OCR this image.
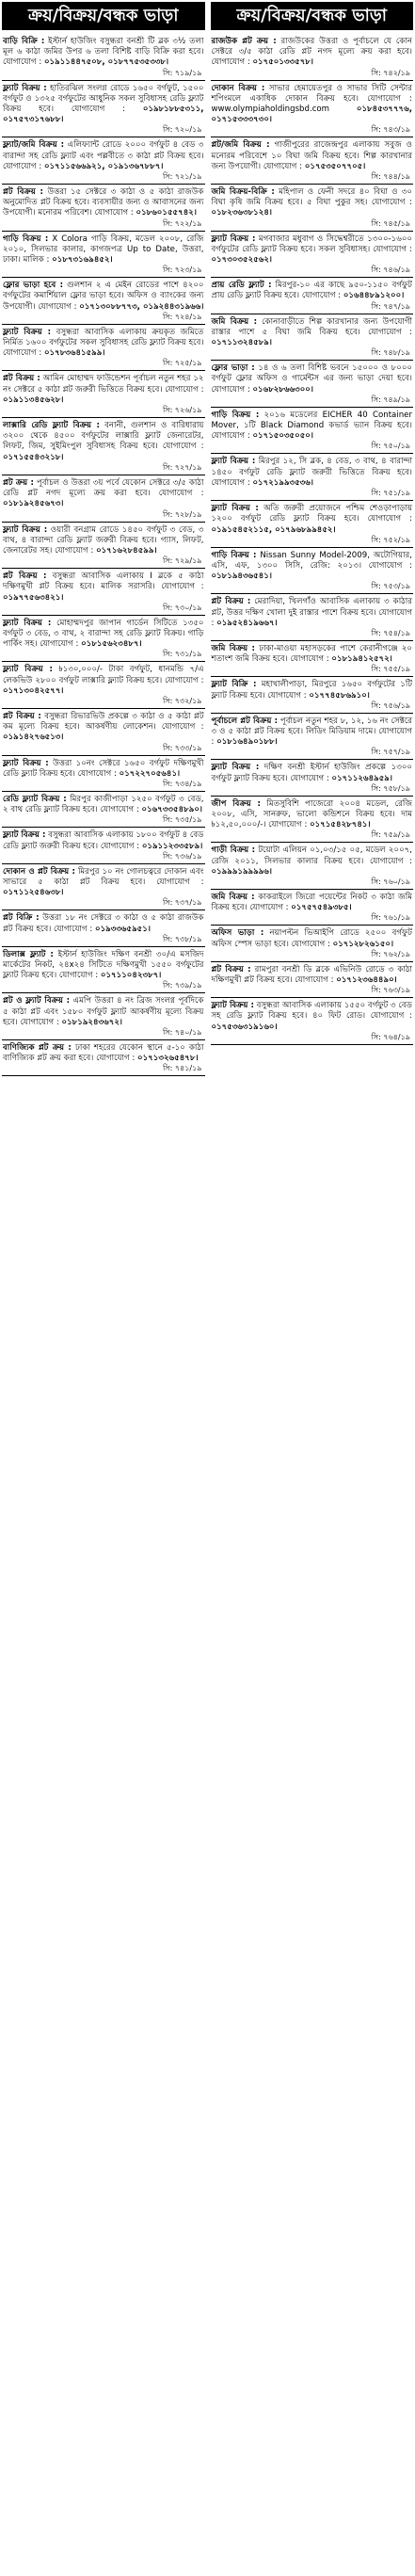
ক্রয়/বিক্রয়/বন্ধক ভাড়া
বাড়ি বিক্রি : ইস্টার্ন হাউজিং বসুন্ধরা বনশ্রী টি ব্লক ৩½ তলা মূল ৬ কাঠা জমির উপর ৬ তলা বিশিষ্ট বাড়ি বিক্রি করা হবে। যোগাযোগ : ০১৯১১৪৪৭৫০৮, ০১৮৭৭৫৩৫৩৩৮।
সি: ৭১৯/১৯
ফ্ল্যাট বিক্রয় : হাতিরঝিল সংলগ্ন রোডে ১৬৫০ বর্গফুট, ১৫০০ বর্গফুট ও ১৩২৫ বর্গফুটের আধুনিক সকল সুবিধাসহ রেডি ফ্ল্যাট বিক্রয় হবে। যোগাযোগ : ০১৯৮১৮৮৫৩১১, ০১৭৫৭৩১৭৬৮৮।
সি: ৭২০/১৯
ফ্ল্যাট/জমি বিক্রয় : এলিফ্যান্ট রোডে ২০০০ বর্গফুট ৪ বেড ৩ বারান্দা সহ রেডি ফ্ল্যাট এবং পল্লবীতে ৩ কাঠা প্লট বিক্রয় হবে। যোগাযোগ : ০১৭১১৫৬৬৯২১, ০১৯১৩৬৭৮৮৭।
সি: ৭২১/১৯
প্লট বিক্রয় : উত্তরা ১৫ সেক্টরে ৩ কাঠা ও ৫ কাঠা রাজউক অনুমোদিত প্লট বিক্রয় হবে। ব্যবসায়ীর জন্য ও আবাসনের জন্য উপযোগী। মনোরম পরিবেশ। যোগাযোগ : ০১৮৬০১৫৫৭৪২।
সি: ৭২২/১৯
গাড়ি বিক্রয় : X Colora গাড়ি বিক্রয়, মডেল ২০০৮, রেজি ২০১০, সিলভার কালার, কাগজপত্র Up to Date, উত্তরা, ঢাকা। মালিক : ০১৮৭৩১৬৯৪৫২।
সি: ৭২৩/১৯
ফ্লোর ভাড়া হবে : গুলশান ২ এ মেইন রোডের পাশে ৪২০০ বর্গফুটের কমার্শিয়াল ফ্লোর ভাড়া হবে। অফিস ও ব্যাংকের জন্য উপযোগী। যোগাযোগ : ০১৭১৩০৮৮৭৭৩, ০১৯২৪৪৩১৯৬৬।
সি: ৭২৪/১৯
ফ্ল্যাট বিক্রয় : বসুন্ধরা আবাসিক এলাকায় ক্রয়কৃত জমিতে নির্মিত ১৬০০ বর্গফুটের সকল সুবিধাসহ রেডি ফ্ল্যাট বিক্রয় হবে। যোগাযোগ : ০১৭৮৩৬৪১৫৯৯।
সি: ৭২৫/১৯
প্লট বিক্রয় : আমিন মোহাম্মদ ফাউন্ডেশন পূর্বাচল নতুন শহর ১২ নং সেক্টরে ৫ কাঠা প্লট জরুরী ভিত্তিতে বিক্রয় হবে। যোগাযোগ : ০১৯১১৩৪৫৬২৮।
সি: ৭২৬/১৯
লাক্সারি রেডি ফ্ল্যাট বিক্রয় : বনানী, গুলশান ও বারিধারায় ৩২০০ থেকে ৪৫০০ বর্গফুটের লাক্সারি ফ্ল্যাট জেনারেটর, লিফট, জিম, সুইমিংপুল সুবিধাসহ বিক্রয় হবে। যোগাযোগ : ০১৭১৫৫৪৩২১৮।
সি: ৭২৭/১৯
প্লট ক্রয় : পূর্বাচল ও উত্তরা ৩য় পর্বে যেকোন সেক্টরে ৩/৫ কাঠা রেডি প্লট নগদ মূল্যে ক্রয় করা হবে। যোগাযোগ : ০১৮১৯২৪৫৬৭৩।
সি: ৭২৮/১৯
ফ্ল্যাট বিক্রয় : ওয়ারী বনগ্রাম রোডে ১৪৫০ বর্গফুট ৩ বেড, ৩ বাথ, ৪ বারান্দা রেডি ফ্ল্যাট জরুরী বিক্রয় হবে। গ্যাস, লিফট, জেনারেটর সহ। যোগাযোগ : ০১৭১৬২৮৪৫৯৯।
সি: ৭২৯/১৯
প্লট বিক্রয় : বসুন্ধরা আবাসিক এলাকায় I ব্লকে ৫ কাঠা দক্ষিণমুখী প্লট বিক্রয় হবে। মালিক সরাসরি। যোগাযোগ : ০১৯৭৭৫৬৩৪২১।
সি: ৭৩০/১৯
ফ্ল্যাট বিক্রয় : মোহাম্মদপুর জাপান গার্ডেন সিটিতে ১৩৫০ বর্গফুট ৩ বেড, ৩ বাথ, ২ বারান্দা সহ রেডি ফ্ল্যাট বিক্রয়। গাড়ি পার্কিং সহ। যোগাযোগ : ০১৮১৫৬২৩৪৮৭।
সি: ৭৩১/১৯
ফ্ল্যাট বিক্রয় : ৳১৩০,০০০/- টাকা বর্গফুট, ধানমন্ডি ৭/এ লেকভিউ ২৮০০ বর্গফুট লাক্সারি ফ্ল্যাট বিক্রয় হবে। যোগাযোগ : ০১৭১৩০৪২৫৭৭।
সি: ৭৩২/১৯
প্লট বিক্রয় : বসুন্ধরা রিভারভিউ প্রকল্পে ৩ কাঠা ও ৫ কাঠা প্লট কম মূল্যে বিক্রয় হবে। আকর্ষণীয় লোকেশন। যোগাযোগ : ০১৯১৪২৭৬৫১৩।
সি: ৭৩৩/১৯
ফ্ল্যাট বিক্রয় : উত্তরা ১০নং সেক্টরে ১৬৫০ বর্গফুট দক্ষিণমুখী রেডি ফ্ল্যাট বিক্রয় হবে। যোগাযোগ : ০১৭২২৭০৫৬৪১।
সি: ৭৩৪/১৯
রেডি ফ্ল্যাট বিক্রয় : মিরপুর কাজীপাড়া ১২৫০ বর্গফুট ৩ বেড, ২ বাথ রেডি ফ্ল্যাট বিক্রয় হবে। যোগাযোগ : ০১৬৭৩৩৫৪৮৯০।
সি: ৭৩৫/১৯
ফ্ল্যাট বিক্রয় : বসুন্ধরা আবাসিক এলাকায় ১৮০০ বর্গফুট ৪ বেড রেডি ফ্ল্যাট জরুরী বিক্রয় হবে। যোগাযোগ : ০১৯১১২৩৩৫৮৯।
সি: ৭৩৬/১৯
দোকান ও প্লট বিক্রয় : মিরপুর ১০ নং গোলচত্বরে দোকান এবং সাভারে ৫ কাঠা প্লট বিক্রয় হবে। যোগাযোগ : ০১৭১১২৫৪৬৩৮।
সি: ৭৩৭/১৯
প্লট বিক্রি : উত্তরা ১৮ নং সেক্টরে ৩ কাঠা ও ৫ কাঠা রাজউক প্লট বিক্রয় হবে। যোগাযোগ : ০১৯৩৩৬৫৯৫১।
সি: ৭৩৮/১৯
ডিলাক্স ফ্ল্যাট : ইস্টার্ন হাউজিং দক্ষিণ বনশ্রী ৩০/এ মসজিদ মার্কেটের নিকট, ২৪x২৪ সিটিতে দক্ষিণমুখী ১৫৫০ বর্গফুটের ফ্ল্যাট বিক্রয় হবে। যোগাযোগ : ০১৭১১০৪২৩৮৭।
সি: ৭৩৯/১৯
প্লট ও ফ্ল্যাট বিক্রয় : এমপি উত্তরা ৪ নং ব্রিজ সংলগ্ন পূর্বদিকে ৫ কাঠা প্লট এবং ১৫৮০ বর্গফুট ফ্ল্যাট আকর্ষণীয় মূল্যে বিক্রয় হবে। যোগাযোগ : ০১৮১৯২৪৩৬৭২।
সি: ৭৪০/১৯
বাণিজ্যিক প্লট ক্রয় : ঢাকা শহরের যেকোন স্থানে ৫-১০ কাঠা বাণিজ্যিক প্লট ক্রয় করা হবে। যোগাযোগ : ০১৭১৩২৬৫৪৭৮।
সি: ৭৪১/১৯
ক্রয়/বিক্রয়/বন্ধক ভাড়া
রাজউক প্লট ক্রয় : রাজউকের উত্তরা ও পূর্বাচলে যে কোন সেক্টরে ৩/৫ কাঠা রেডি প্লট নগদ মূল্যে ক্রয় করা হবে। যোগাযোগ : ০১৭৫০১৩৩৫৭৮।
সি: ৭৪২/১৯
দোকান বিক্রয় : সাভার হেমায়েতপুর ও সাভার সিটি সেন্টার শপিংমলে একাধিক দোকান বিক্রয় হবে। যোগাযোগ : www.olympiaholdingsbd.com	০১৮৪৫৩৭৭৭৬, ০১৭১৫৩৩৩৭৩০।
সি: ৭৪৩/১৯
প্লট/জমি বিক্রয় : গাজীপুরের রাজেন্দ্রপুর এলাকায় সবুজ ও মনোরম পরিবেশে ১০ বিঘা জমি বিক্রয় হবে। শিল্প কারখানার জন্য উপযোগী। যোগাযোগ : ০১৭৫৩৫০৭৭০৫।
সি: ৭৪৪/১৯
জমি বিক্রয়-বিক্রি : মহিপাল ও ফেনী সদরে ৪০ বিঘা ও ৩০ বিঘা কৃষি জমি বিক্রয় হবে। ৫ বিঘা পুকুর সহ। যোগাযোগ : ০১৮২৩৬৩৮১২৪।
সি: ৭৪৫/১৯
ফ্ল্যাট বিক্রয় : মগবাজার মধুবাগ ও সিদ্ধেশ্বরীতে ১৩০০-১৬০০ বর্গফুটের রেডি ফ্ল্যাট বিক্রয় হবে। সকল সুবিধাসহ। যোগাযোগ : ০১৭৩০৩৫২৫৬২।
সি: ৭৪৬/১৯
প্রায় রেডি ফ্ল্যাট : মিরপুর-১০ এর কাছে ৯৫০-১১৫০ বর্গফুট প্রায় রেডি ফ্ল্যাট বিক্রয় হবে। যোগাযোগ : ০১৬৪৪৮৯১২০০।
সি: ৭৪৭/১৯
জমি বিক্রয় : কোনাবাড়ীতে শিল্প কারখানার জন্য উপযোগী রাস্তার পাশে ৫ বিঘা জমি বিক্রয় হবে। যোগাযোগ : ০১৭১১৩২৪৫৮৯।
সি: ৭৪৮/১৯
ফ্লোর ভাড়া : ১৪ ও ৬ তলা বিশিষ্ট ভবনে ১৫০০০ ও ৮০০০ বর্গফুট ফ্লোর অফিস ও গার্মেন্টস এর জন্য ভাড়া দেয়া হবে। যোগাযোগ : ০১৬৮২৮৬৬৩০০।
সি: ৭৪৯/১৯
গাড়ি বিক্রয় : ২০১৬ মডেলের EICHER 40 Container Mover, ১টি Black Diamond কভার্ড ভ্যান বিক্রয় হবে। যোগাযোগ : ০১৭১৫০৩৫০৫০।
সি: ৭৫০/১৯
ফ্ল্যাট বিক্রয় : মিরপুর ১২, সি ব্লক, ৪ বেড, ৩ বাথ, ৪ বারান্দা ১৪৫০ বর্গফুট রেডি ফ্ল্যাট জরুরী ভিত্তিতে বিক্রয় হবে। যোগাযোগ : ০১৭২১৯৯৩৫৩৬।
সি: ৭৫১/১৯
ফ্ল্যাট বিক্রয় : অতি জরুরী প্রয়োজনে পশ্চিম শেওড়াপাড়ায় ১২০০ বর্গফুট রেডি ফ্ল্যাট বিক্রয় হবে। যোগাযোগ : ০১৯১৫৪৫২১১৫, ০১৭৯৬৮৯৯৪৫২।
সি: ৭৫২/১৯
গাড়ি বিক্রয় : Nissan Sunny Model-2009, অটোগিয়ার, এসি, এফ, ১৩০০ সিসি, রেজি: ২০১৩। যোগাযোগ : ০১৮১৯৪৩৬৫৪১।
সি: ৭৫৩/১৯
প্লট বিক্রয় : মেরাদিয়া, খিলগাঁও আবাসিক এলাকায় ৩ কাঠার প্লট, উত্তর দক্ষিণ খোলা দুই রাস্তার পাশে বিক্রয় হবে। যোগাযোগ : ০১৯৫২৪১৯৬৬৭।
সি: ৭৫৪/১৯
জমি বিক্রয় : ঢাকা-মাওয়া মহাসড়কের পাশে কেরানীগঞ্জে ২০ শতাংশ জমি বিক্রয় হবে। যোগাযোগ : ০১৮১৯৪১২৫৭২।
সি: ৭৫৫/১৯
ফ্ল্যাট বিক্রি : মহাখালীপাড়া, মিরপুরে ১৬৫০ বর্গফুটের ১টি ফ্ল্যাট বিক্রয় হবে। যোগাযোগ : ০১৭৭৪৫৮৬৯১০।
সি: ৭৫৬/১৯
পূর্বাচলে প্লট বিক্রয় : পূর্বাচল নতুন শহর ৮, ১২, ১৬ নং সেক্টরে ৩ ও ৫ কাঠা প্লট বিক্রয় হবে। লিডিং মিডিয়াম দামে। যোগাযোগ : ০১৮১৬৪৯০১৮৮।
সি: ৭৫৭/১৯
ফ্ল্যাট বিক্রয় : দক্ষিণ বনশ্রী ইস্টার্ন হাউজিং প্রকল্পে ১৩০০ বর্গফুট ফ্ল্যাট বিক্রয় হবে। যোগাযোগ : ০১৭১১২৬৪৯৫৯।
সি: ৭৫৮/১৯
জীপ বিক্রয় : মিতসুবিশি পাজেরো ২০০৪ মডেল, রেজি ২০০৮, এসি, সানরুফ, ভালো কন্ডিশনে বিক্রয় হবে। দাম ৳১২,৫০,০০০/-। যোগাযোগ : ০১৭১৫৪২৮৭৪১।
সি: ৭৫৯/১৯
গাড়ী বিক্রয় : টয়োটা এলিয়ন ০১,০৩/১৫ ০৫, মডেল ২০০৭, রেজি ২০১১, সিলভার কালার বিক্রয় হবে। যোগাযোগ : ০১৯৯৯১৯৯৯৯৬।
সি: ৭৬০/১৯
জমি বিক্রয় : কাকরাইলে জিরো পয়েন্টের নিকট ৩ কাঠা জমি বিক্রয় হবে। যোগাযোগ : ০১৭৫৭৫৪৯৩৮৫।
সি: ৭৬১/১৯
অফিস ভাড়া : নয়াপল্টন ভিআইপি রোডে ২৫০০ বর্গফুট অফিস স্পেস ভাড়া হবে। যোগাযোগ : ০১৭১২৮২৬১৫০।
সি: ৭৬২/১৯
প্লট বিক্রয় : রামপুরা বনশ্রী ডি ব্লকে এভিনিউ রোডে ৩ কাঠা দক্ষিণমুখী প্লট বিক্রয় হবে। যোগাযোগ : ০১৭১২৩৬৪৪৯০।
সি: ৭৬৩/১৯
ফ্ল্যাট বিক্রয় : বসুন্ধরা আবাসিক এলাকায় ১৫৫০ বর্গফুট ৩ বেড সহ রেডি ফ্ল্যাট বিক্রয় হবে। ৪০ ফিট রোড। যোগাযোগ : ০১৭৫৩৬৩১৯১৬০।
সি: ৭৬৪/১৯
